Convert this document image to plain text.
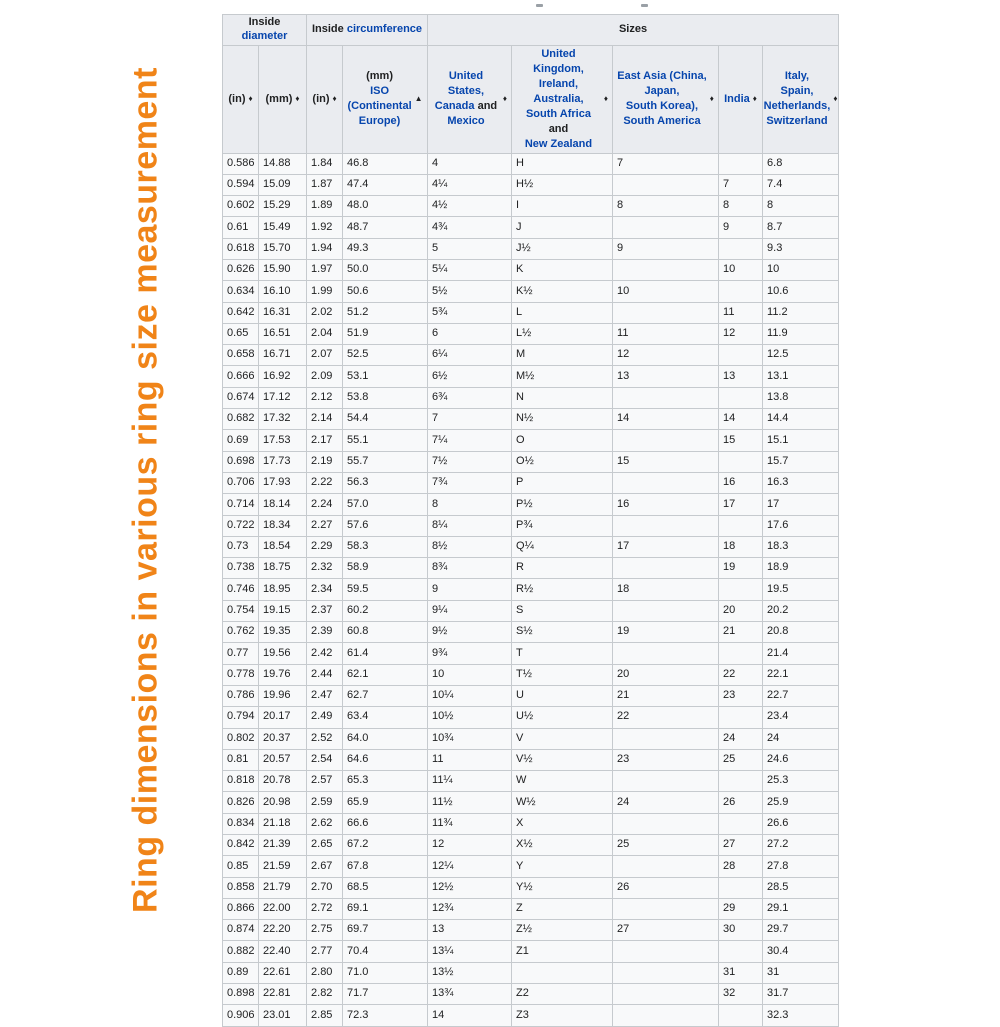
Ring dimensions in various ring size measurement
Inside diameter		Inside circumference		Sizes				

(in) ♦	(mm) ♦	(in) ♦

(mm)
ISO
(Continental
Europe)
▲

United States,
Canada and
Mexico
♦

United Kingdom,
Ireland,
Australia,
South Africa and
New Zealand
♦

East Asia (China,
Japan,
South Korea),
South America
♦	India ♦

Italy,
Spain,
Netherlands,
Switzerland
♦

0.586	14.88	1.84	46.8	4	H	7		6.8
0.594	15.09	1.87	47.4	4¼	H½		7	7.4
0.602	15.29	1.89	48.0	4½	I	8	8	8
0.61	15.49	1.92	48.7	4¾	J		9	8.7
0.618	15.70	1.94	49.3	5	J½	9		9.3
0.626	15.90	1.97	50.0	5¼	K		10	10
0.634	16.10	1.99	50.6	5½	K½	10		10.6
0.642	16.31	2.02	51.2	5¾	L		11	11.2
0.65	16.51	2.04	51.9	6	L½	11	12	11.9
0.658	16.71	2.07	52.5	6¼	M	12		12.5
0.666	16.92	2.09	53.1	6½	M½	13	13	13.1
0.674	17.12	2.12	53.8	6¾	N			13.8
0.682	17.32	2.14	54.4	7	N½	14	14	14.4
0.69	17.53	2.17	55.1	7¼	O		15	15.1
0.698	17.73	2.19	55.7	7½	O½	15		15.7
0.706	17.93	2.22	56.3	7¾	P		16	16.3
0.714	18.14	2.24	57.0	8	P½	16	17	17
0.722	18.34	2.27	57.6	8¼	P¾			17.6
0.73	18.54	2.29	58.3	8½	Q¼	17	18	18.3
0.738	18.75	2.32	58.9	8¾	R		19	18.9
0.746	18.95	2.34	59.5	9	R½	18		19.5
0.754	19.15	2.37	60.2	9¼	S		20	20.2
0.762	19.35	2.39	60.8	9½	S½	19	21	20.8
0.77	19.56	2.42	61.4	9¾	T			21.4
0.778	19.76	2.44	62.1	10	T½	20	22	22.1
0.786	19.96	2.47	62.7	10¼	U	21	23	22.7
0.794	20.17	2.49	63.4	10½	U½	22		23.4
0.802	20.37	2.52	64.0	10¾	V		24	24
0.81	20.57	2.54	64.6	11	V½	23	25	24.6
0.818	20.78	2.57	65.3	11¼	W			25.3
0.826	20.98	2.59	65.9	11½	W½	24	26	25.9
0.834	21.18	2.62	66.6	11¾	X			26.6
0.842	21.39	2.65	67.2	12	X½	25	27	27.2
0.85	21.59	2.67	67.8	12¼	Y		28	27.8
0.858	21.79	2.70	68.5	12½	Y½	26		28.5
0.866	22.00	2.72	69.1	12¾	Z		29	29.1
0.874	22.20	2.75	69.7	13	Z½	27	30	29.7
0.882	22.40	2.77	70.4	13¼	Z1			30.4
0.89	22.61	2.80	71.0	13½			31	31
0.898	22.81	2.82	71.7	13¾	Z2		32	31.7
0.906	23.01	2.85	72.3	14	Z3			32.3
